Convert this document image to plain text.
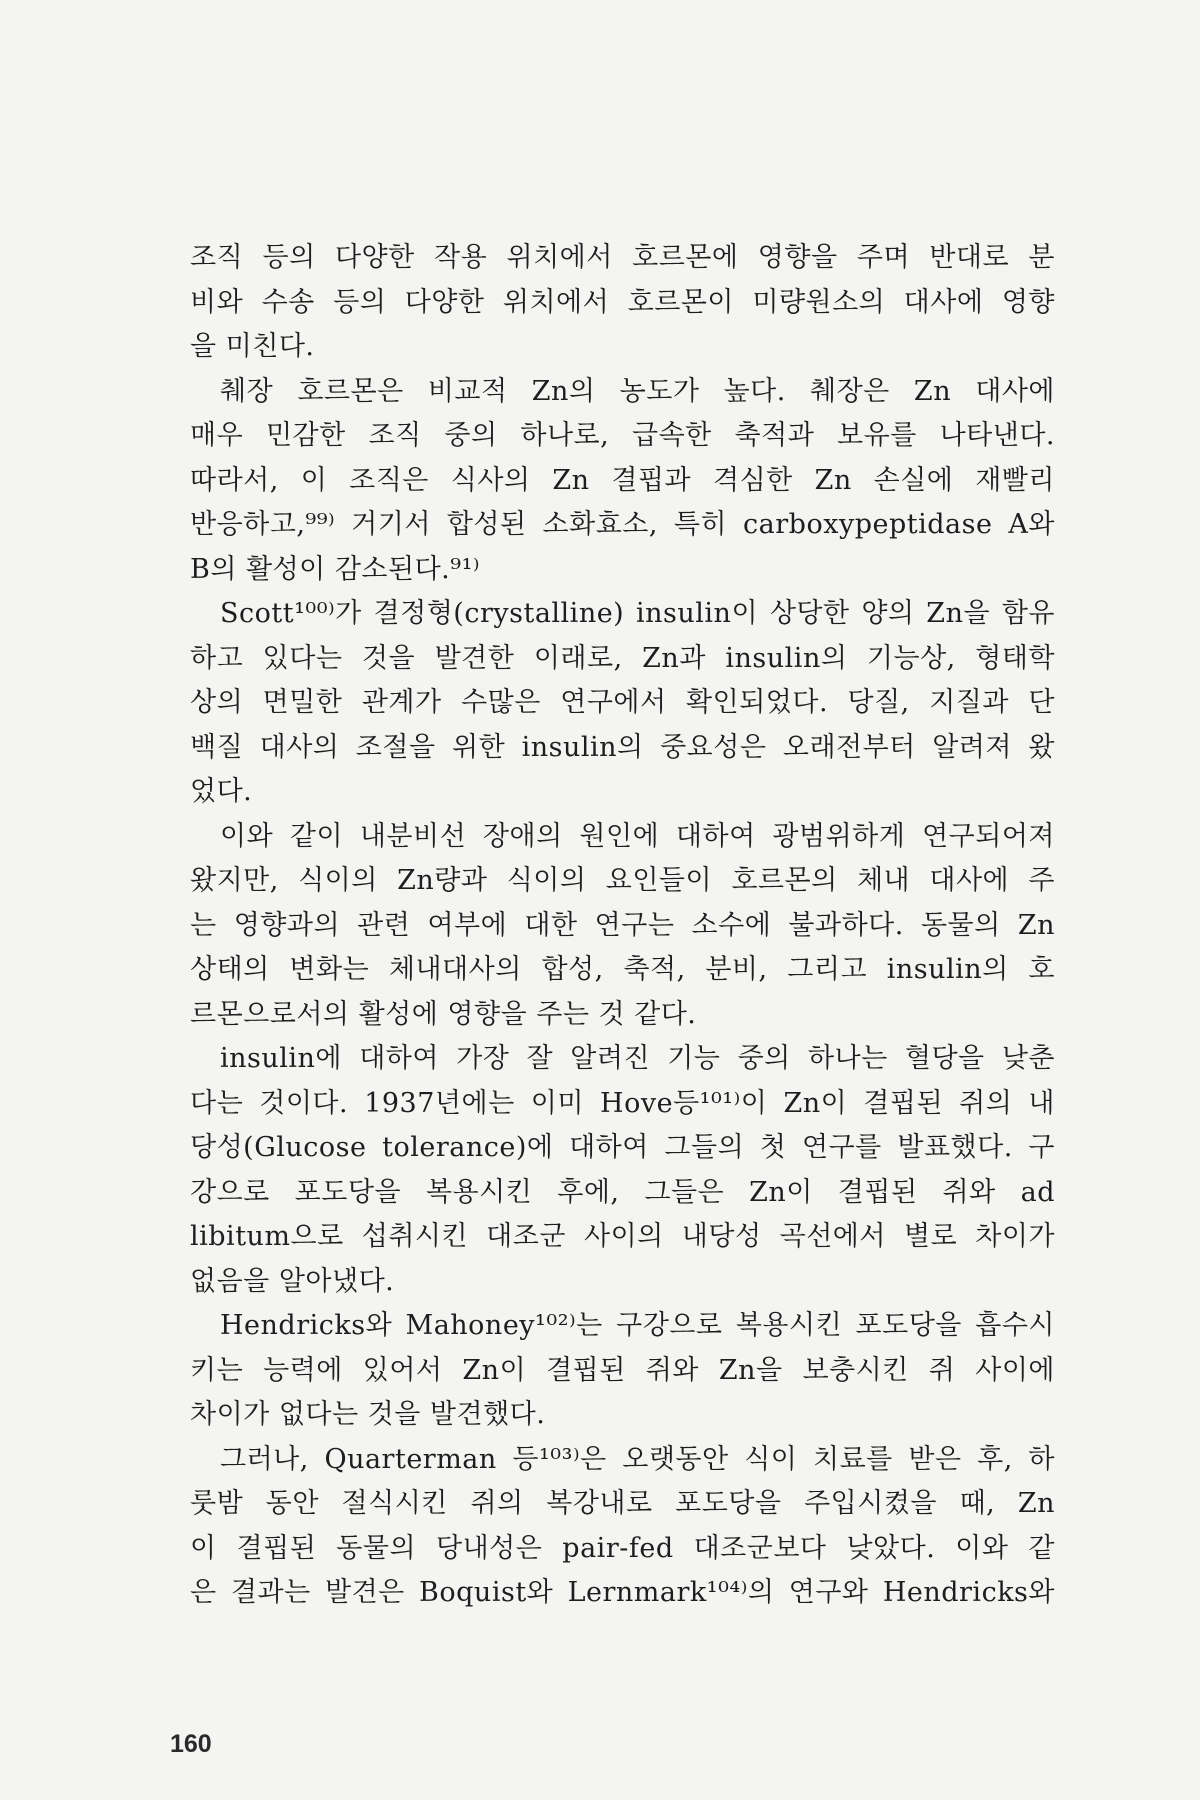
조직 등의 다양한 작용 위치에서 호르몬에 영향을 주며 반대로 분
비와 수송 등의 다양한 위치에서 호르몬이 미량원소의 대사에 영향
을 미친다.
췌장 호르몬은 비교적 Zn의 농도가 높다. 췌장은 Zn 대사에
매우 민감한 조직 중의 하나로, 급속한 축적과 보유를 나타낸다.
따라서, 이 조직은 식사의 Zn 결핍과 격심한 Zn 손실에 재빨리
반응하고,⁹⁹⁾ 거기서 합성된 소화효소, 특히 carboxypeptidase A와
B의 활성이 감소된다.⁹¹⁾
Scott¹⁰⁰⁾가 결정형(crystalline) insulin이 상당한 양의 Zn을 함유
하고 있다는 것을 발견한 이래로, Zn과 insulin의 기능상, 형태학
상의 면밀한 관계가 수많은 연구에서 확인되었다. 당질, 지질과 단
백질 대사의 조절을 위한 insulin의 중요성은 오래전부터 알려져 왔
었다.
이와 같이 내분비선 장애의 원인에 대하여 광범위하게 연구되어져
왔지만, 식이의 Zn량과 식이의 요인들이 호르몬의 체내 대사에 주
는 영향과의 관련 여부에 대한 연구는 소수에 불과하다. 동물의 Zn
상태의 변화는 체내대사의 합성, 축적, 분비, 그리고 insulin의 호
르몬으로서의 활성에 영향을 주는 것 같다.
insulin에 대하여 가장 잘 알려진 기능 중의 하나는 혈당을 낮춘
다는 것이다. 1937년에는 이미 Hove등¹⁰¹⁾이 Zn이 결핍된 쥐의 내
당성(Glucose tolerance)에 대하여 그들의 첫 연구를 발표했다. 구
강으로 포도당을 복용시킨 후에, 그들은 Zn이 결핍된 쥐와 ad
libitum으로 섭취시킨 대조군 사이의 내당성 곡선에서 별로 차이가
없음을 알아냈다.
Hendricks와 Mahoney¹⁰²⁾는 구강으로 복용시킨 포도당을 흡수시
키는 능력에 있어서 Zn이 결핍된 쥐와 Zn을 보충시킨 쥐 사이에
차이가 없다는 것을 발견했다.
그러나, Quarterman 등¹⁰³⁾은 오랫동안 식이 치료를 받은 후, 하
룻밤 동안 절식시킨 쥐의 복강내로 포도당을 주입시켰을 때, Zn
이 결핍된 동물의 당내성은 pair-fed 대조군보다 낮았다. 이와 같
은 결과는 발견은 Boquist와 Lernmark¹⁰⁴⁾의 연구와 Hendricks와
160
